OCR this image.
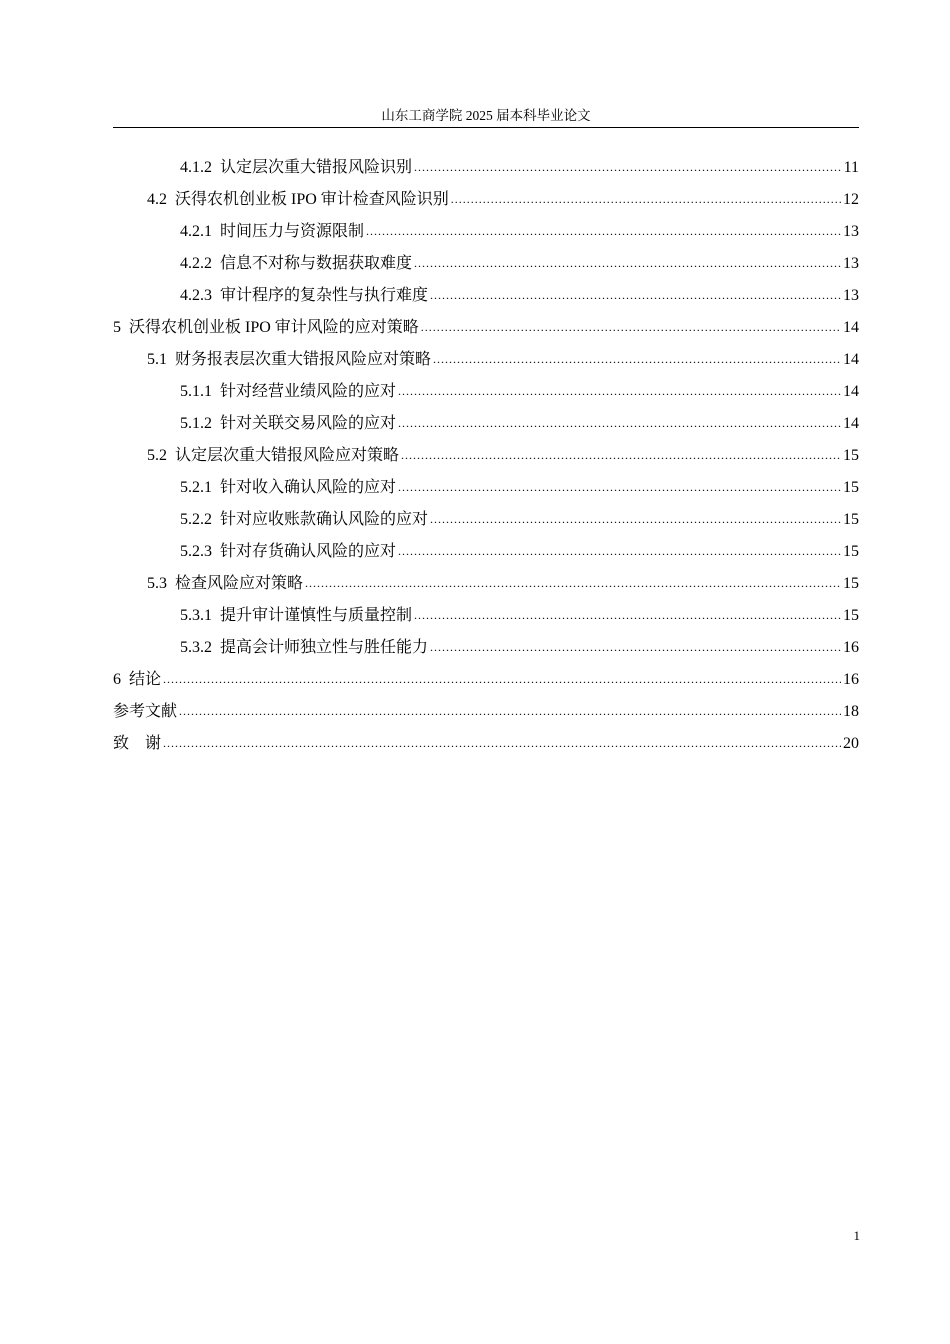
山东工商学院 2025 届本科毕业论文
4.1.2 认定层次重大错报风险识别 .....	11
4.2 沃得农机创业板 IPO 审计检查风险识别 .....	12
4.2.1 时间压力与资源限制 .....	13
4.2.2 信息不对称与数据获取难度 .....	13
4.2.3 审计程序的复杂性与执行难度 .....	13
5 沃得农机创业板 IPO 审计风险的应对策略 .....	14
5.1 财务报表层次重大错报风险应对策略 .....	14
5.1.1 针对经营业绩风险的应对 .....	14
5.1.2 针对关联交易风险的应对 .....	14
5.2 认定层次重大错报风险应对策略 .....	15
5.2.1 针对收入确认风险的应对 .....	15
5.2.2 针对应收账款确认风险的应对 .....	15
5.2.3 针对存货确认风险的应对 .....	15
5.3 检查风险应对策略 .....	15
5.3.1 提升审计谨慎性与质量控制 .....	15
5.3.2 提高会计师独立性与胜任能力 .....	16
6 结论 .....	16
参考文献 .....	18
致　谢 .....	20
1
